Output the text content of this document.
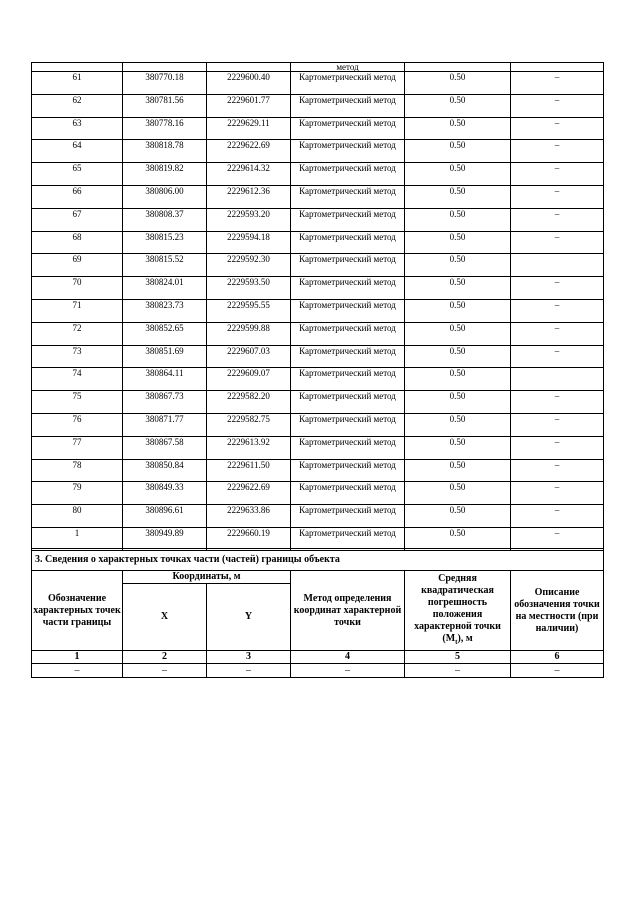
			метод		
61	380770.18	2229600.40	Картометрический метод	0.50	–
62	380781.56	2229601.77	Картометрический метод	0.50	–
63	380778.16	2229629.11	Картометрический метод	0.50	–
64	380818.78	2229622.69	Картометрический метод	0.50	–
65	380819.82	2229614.32	Картометрический метод	0.50	–
66	380806.00	2229612.36	Картометрический метод	0.50	–
67	380808.37	2229593.20	Картометрический метод	0.50	–
68	380815.23	2229594.18	Картометрический метод	0.50	–
69	380815.52	2229592.30	Картометрический метод	0.50	
70	380824.01	2229593.50	Картометрический метод	0.50	–
71	380823.73	2229595.55	Картометрический метод	0.50	–
72	380852.65	2229599.88	Картометрический метод	0.50	–
73	380851.69	2229607.03	Картометрический метод	0.50	–
74	380864.11	2229609.07	Картометрический метод	0.50	
75	380867.73	2229582.20	Картометрический метод	0.50	–
76	380871.77	2229582.75	Картометрический метод	0.50	–
77	380867.58	2229613.92	Картометрический метод	0.50	–
78	380850.84	2229611.50	Картометрический метод	0.50	–
79	380849.33	2229622.69	Картометрический метод	0.50	–
80	380896.61	2229633.86	Картометрический метод	0.50	–
1	380949.89	2229660.19	Картометрический метод	0.50	–
3. Сведения о характерных точках части (частей) границы объекта					
Обозначение характерных точек части границы	Координаты, м		Метод определения координат характерной точки	Средняя квадратическая погрешность положения характерной точки $(M_t)$, м	Описание обозначения точки на местности (при наличии)
	X	Y			
1	2	3	4	5	6
–	–	–	–	–	–
